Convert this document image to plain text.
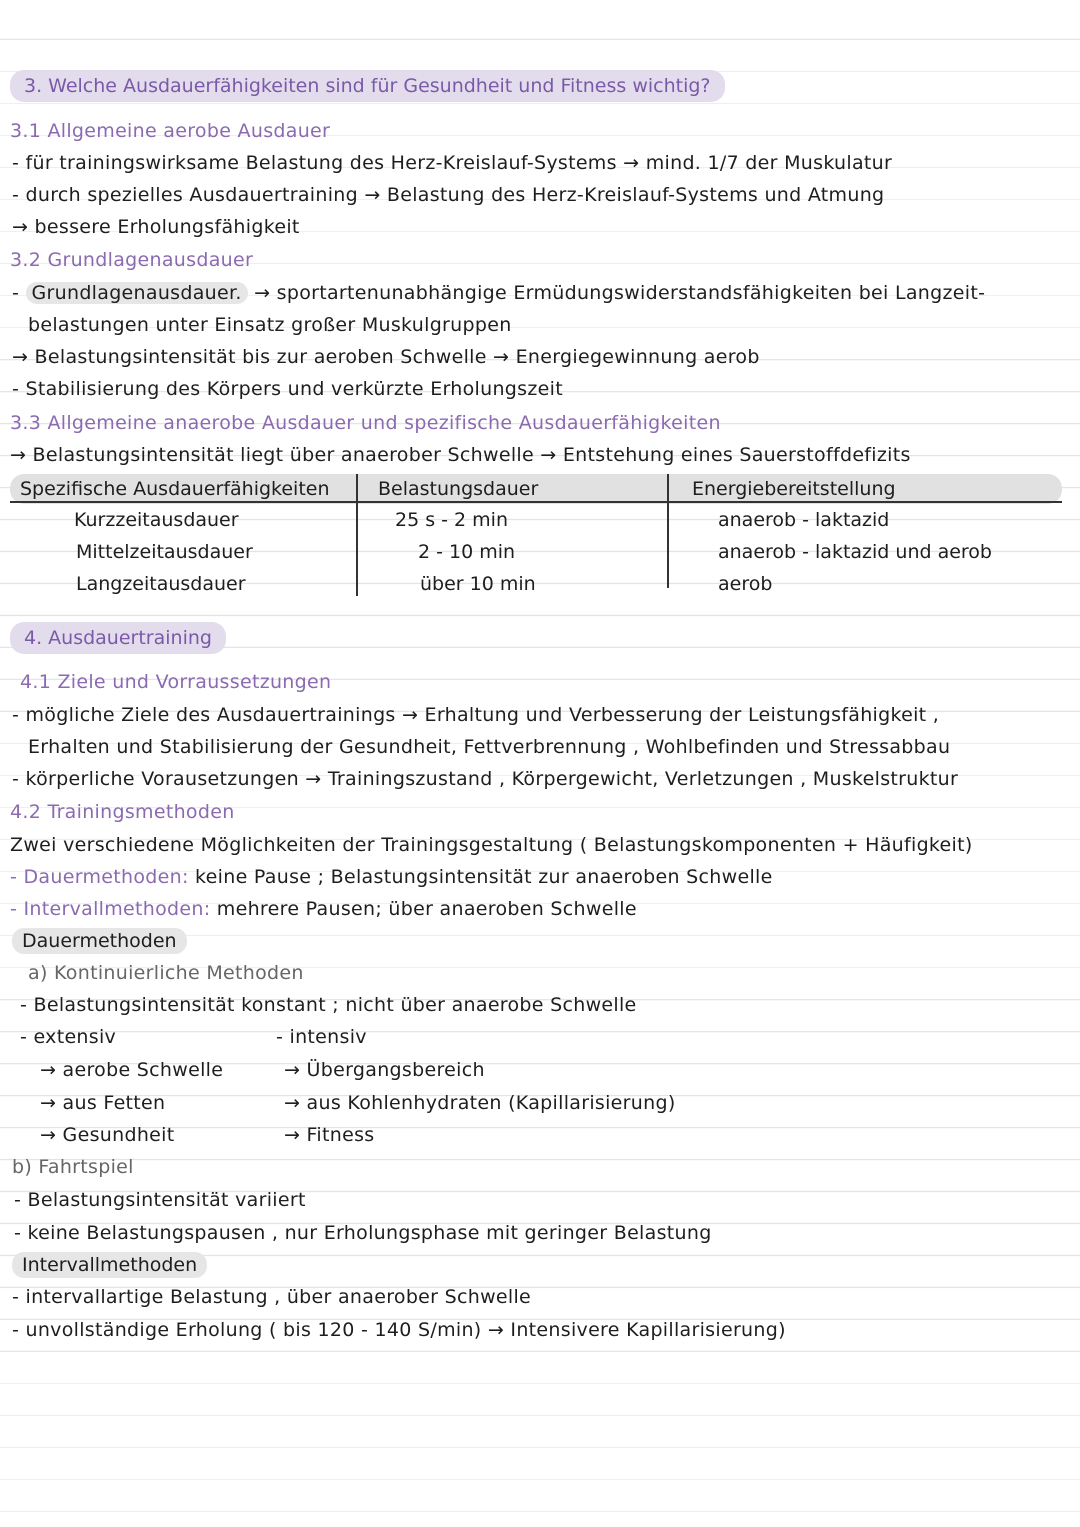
3. Welche Ausdauerfähigkeiten sind für Gesundheit und Fitness wichtig?
3.1 Allgemeine aerobe Ausdauer
- für trainingswirksame Belastung des Herz-Kreislauf-Systems → mind. 1/7 der Muskulatur
- durch spezielles Ausdauertraining → Belastung des Herz-Kreislauf-Systems und Atmung
→ bessere Erholungsfähigkeit
3.2 Grundlagenausdauer
- Grundlagenausdauer. → sportartenunabhängige Ermüdungswiderstandsfähigkeiten bei Langzeit-
belastungen unter Einsatz großer Muskulgruppen
→ Belastungsintensität bis zur aeroben Schwelle → Energiegewinnung aerob
- Stabilisierung des Körpers und verkürzte Erholungszeit
3.3 Allgemeine anaerobe Ausdauer und spezifische Ausdauerfähigkeiten
→ Belastungsintensität liegt über anaerober Schwelle → Entstehung eines Sauerstoffdefizits
Spezifische Ausdauerfähigkeiten	Belastungsdauer	Energiebereitstellung
Kurzzeitausdauer	25 s - 2 min	anaerob - laktazid
Mittelzeitausdauer	2 - 10 min	anaerob - laktazid und aerob
Langzeitausdauer	über 10 min	aerob
4. Ausdauertraining
4.1 Ziele und Vorraussetzungen
- mögliche Ziele des Ausdauertrainings → Erhaltung und Verbesserung der Leistungsfähigkeit ,
Erhalten und Stabilisierung der Gesundheit, Fettverbrennung , Wohlbefinden und Stressabbau
- körperliche Vorausetzungen → Trainingszustand , Körpergewicht, Verletzungen , Muskelstruktur
4.2 Trainingsmethoden
Zwei verschiedene Möglichkeiten der Trainingsgestaltung ( Belastungskomponenten + Häufigkeit)
- Dauermethoden: keine Pause ; Belastungsintensität zur anaeroben Schwelle
- Intervallmethoden: mehrere Pausen; über anaeroben Schwelle
Dauermethoden
a) Kontinuierliche Methoden
- Belastungsintensität konstant ; nicht über anaerobe Schwelle
- extensiv	- intensiv
→ aerobe Schwelle	→ Übergangsbereich
→ aus Fetten	→ aus Kohlenhydraten (Kapillarisierung)
→ Gesundheit	→ Fitness
b) Fahrtspiel
- Belastungsintensität variiert
- keine Belastungspausen , nur Erholungsphase mit geringer Belastung
Intervallmethoden
- intervallartige Belastung , über anaerober Schwelle
- unvollständige Erholung ( bis 120 - 140 S/min) → Intensivere Kapillarisierung)
